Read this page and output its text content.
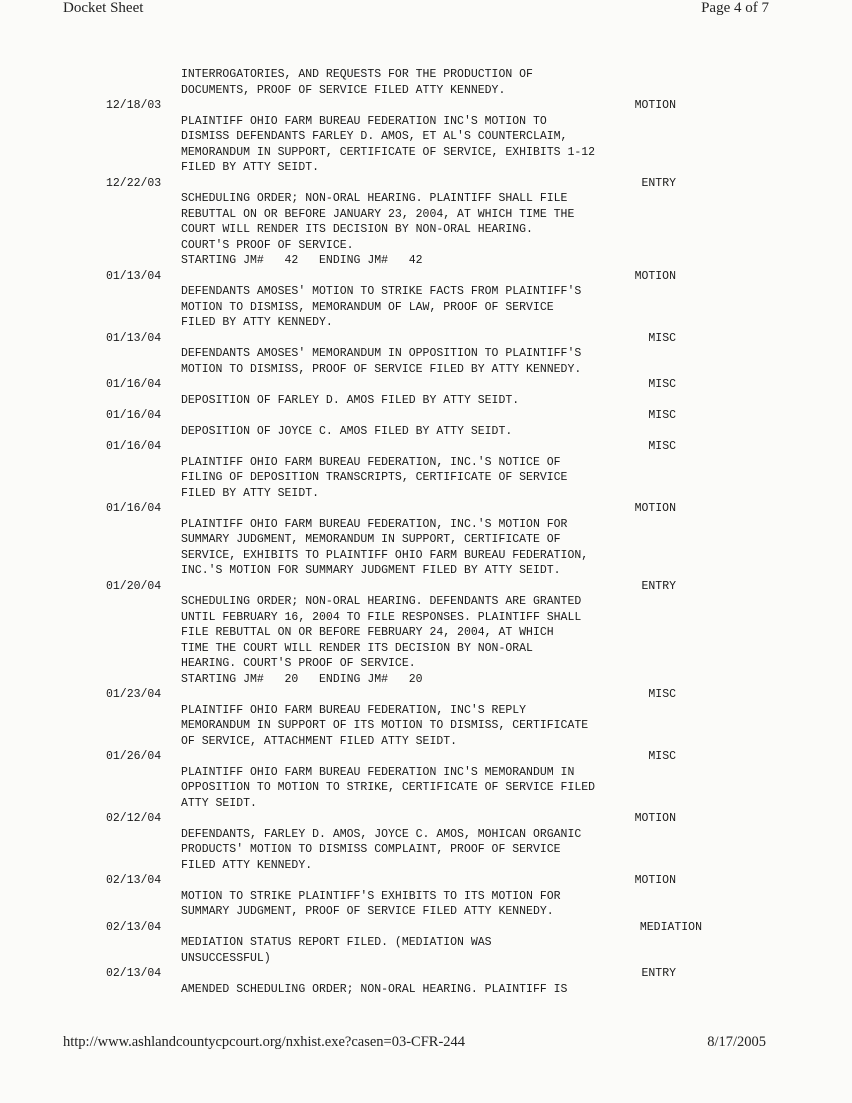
Docket Sheet	Page 4 of 7
INTERROGATORIES, AND REQUESTS FOR THE PRODUCTION OF
DOCUMENTS, PROOF OF SERVICE FILED ATTY KENNEDY.
12/18/03	MOTION
PLAINTIFF OHIO FARM BUREAU FEDERATION INC'S MOTION TO
DISMISS DEFENDANTS FARLEY D. AMOS, ET AL'S COUNTERCLAIM,
MEMORANDUM IN SUPPORT, CERTIFICATE OF SERVICE, EXHIBITS 1-12
FILED BY ATTY SEIDT.
12/22/03	ENTRY
SCHEDULING ORDER; NON-ORAL HEARING. PLAINTIFF SHALL FILE
REBUTTAL ON OR BEFORE JANUARY 23, 2004, AT WHICH TIME THE
COURT WILL RENDER ITS DECISION BY NON-ORAL HEARING.
COURT'S PROOF OF SERVICE.
STARTING JM#   42   ENDING JM#   42
01/13/04	MOTION
DEFENDANTS AMOSES' MOTION TO STRIKE FACTS FROM PLAINTIFF'S
MOTION TO DISMISS, MEMORANDUM OF LAW, PROOF OF SERVICE
FILED BY ATTY KENNEDY.
01/13/04	MISC
DEFENDANTS AMOSES' MEMORANDUM IN OPPOSITION TO PLAINTIFF'S
MOTION TO DISMISS, PROOF OF SERVICE FILED BY ATTY KENNEDY.
01/16/04	MISC
DEPOSITION OF FARLEY D. AMOS FILED BY ATTY SEIDT.
01/16/04	MISC
DEPOSITION OF JOYCE C. AMOS FILED BY ATTY SEIDT.
01/16/04	MISC
PLAINTIFF OHIO FARM BUREAU FEDERATION, INC.'S NOTICE OF
FILING OF DEPOSITION TRANSCRIPTS, CERTIFICATE OF SERVICE
FILED BY ATTY SEIDT.
01/16/04	MOTION
PLAINTIFF OHIO FARM BUREAU FEDERATION, INC.'S MOTION FOR
SUMMARY JUDGMENT, MEMORANDUM IN SUPPORT, CERTIFICATE OF
SERVICE, EXHIBITS TO PLAINTIFF OHIO FARM BUREAU FEDERATION,
INC.'S MOTION FOR SUMMARY JUDGMENT FILED BY ATTY SEIDT.
01/20/04	ENTRY
SCHEDULING ORDER; NON-ORAL HEARING. DEFENDANTS ARE GRANTED
UNTIL FEBRUARY 16, 2004 TO FILE RESPONSES. PLAINTIFF SHALL
FILE REBUTTAL ON OR BEFORE FEBRUARY 24, 2004, AT WHICH
TIME THE COURT WILL RENDER ITS DECISION BY NON-ORAL
HEARING. COURT'S PROOF OF SERVICE.
STARTING JM#   20   ENDING JM#   20
01/23/04	MISC
PLAINTIFF OHIO FARM BUREAU FEDERATION, INC'S REPLY
MEMORANDUM IN SUPPORT OF ITS MOTION TO DISMISS, CERTIFICATE
OF SERVICE, ATTACHMENT FILED ATTY SEIDT.
01/26/04	MISC
PLAINTIFF OHIO FARM BUREAU FEDERATION INC'S MEMORANDUM IN
OPPOSITION TO MOTION TO STRIKE, CERTIFICATE OF SERVICE FILED
ATTY SEIDT.
02/12/04	MOTION
DEFENDANTS, FARLEY D. AMOS, JOYCE C. AMOS, MOHICAN ORGANIC
PRODUCTS' MOTION TO DISMISS COMPLAINT, PROOF OF SERVICE
FILED ATTY KENNEDY.
02/13/04	MOTION
MOTION TO STRIKE PLAINTIFF'S EXHIBITS TO ITS MOTION FOR
SUMMARY JUDGMENT, PROOF OF SERVICE FILED ATTY KENNEDY.
02/13/04	MEDIATION
MEDIATION STATUS REPORT FILED. (MEDIATION WAS
UNSUCCESSFUL)
02/13/04	ENTRY
AMENDED SCHEDULING ORDER; NON-ORAL HEARING. PLAINTIFF IS
http://www.ashlandcountycpcourt.org/nxhist.exe?casen=03-CFR-244	8/17/2005
